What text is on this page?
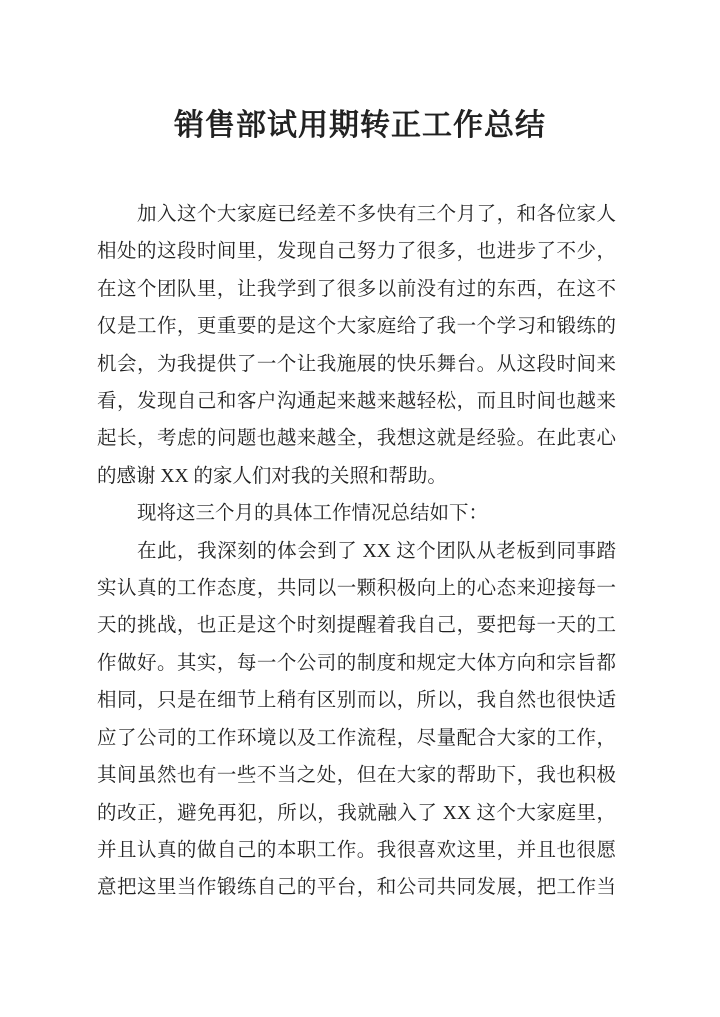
销售部试用期转正工作总结
加入这个大家庭已经差不多快有三个月了，和各位家人
相处的这段时间里，发现自己努力了很多，也进步了不少，
在这个团队里，让我学到了很多以前没有过的东西，在这不
仅是工作，更重要的是这个大家庭给了我一个学习和锻练的
机会，为我提供了一个让我施展的快乐舞台。从这段时间来
看，发现自己和客户沟通起来越来越轻松，而且时间也越来
起长，考虑的问题也越来越全，我想这就是经验。在此衷心
的感谢 XX 的家人们对我的关照和帮助。
现将这三个月的具体工作情况总结如下：
在此，我深刻的体会到了 XX 这个团队从老板到同事踏
实认真的工作态度，共同以一颗积极向上的心态来迎接每一
天的挑战，也正是这个时刻提醒着我自己，要把每一天的工
作做好。其实，每一个公司的制度和规定大体方向和宗旨都
相同，只是在细节上稍有区别而以，所以，我自然也很快适
应了公司的工作环境以及工作流程，尽量配合大家的工作，
其间虽然也有一些不当之处，但在大家的帮助下，我也积极
的改正，避免再犯，所以，我就融入了 XX 这个大家庭里，
并且认真的做自己的本职工作。我很喜欢这里，并且也很愿
意把这里当作锻练自己的平台，和公司共同发展，把工作当
